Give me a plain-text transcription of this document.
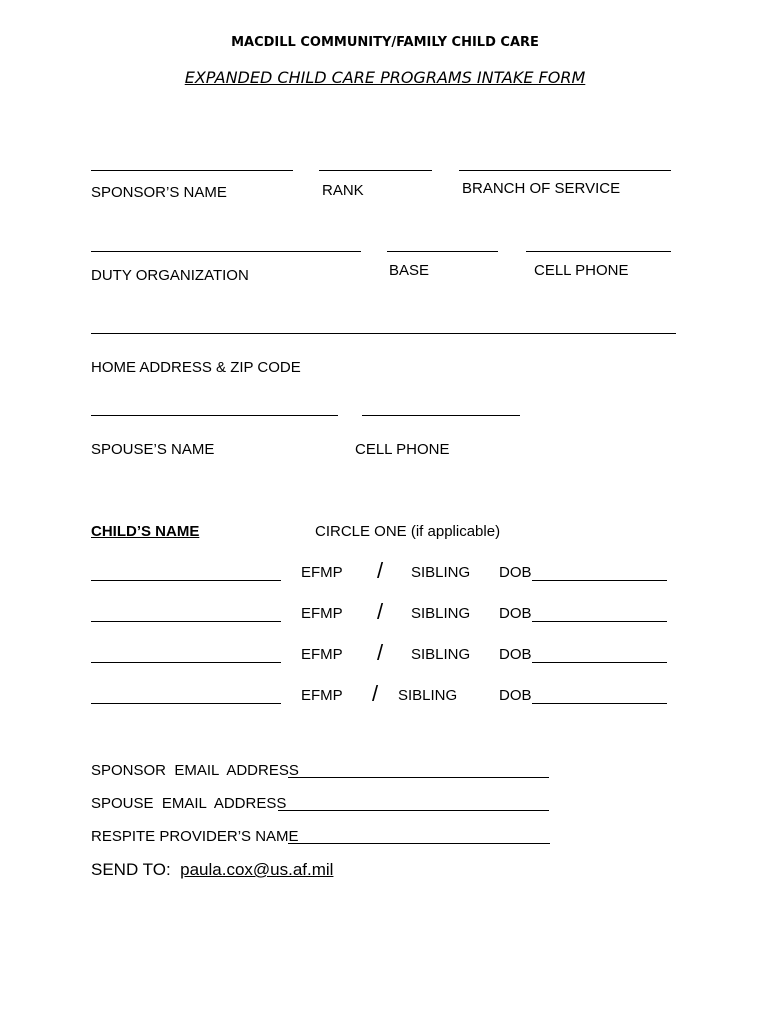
MACDILL COMMUNITY/FAMILY CHILD CARE
EXPANDED CHILD CARE PROGRAMS INTAKE FORM
SPONSOR’S NAME	RANK	BRANCH OF SERVICE
DUTY ORGANIZATION	BASE	CELL PHONE
HOME ADDRESS & ZIP CODE
SPOUSE’S NAME	CELL PHONE
CHILD’S NAME	CIRCLE ONE (if applicable)
EFMP / SIBLING DOB
EFMP / SIBLING DOB
EFMP / SIBLING DOB
EFMP / SIBLING	DOB
SPONSOR  EMAIL  ADDRESS
SPOUSE  EMAIL  ADDRESS
RESPITE PROVIDER’S NAME
SEND TO: paula.cox@us.af.mil
